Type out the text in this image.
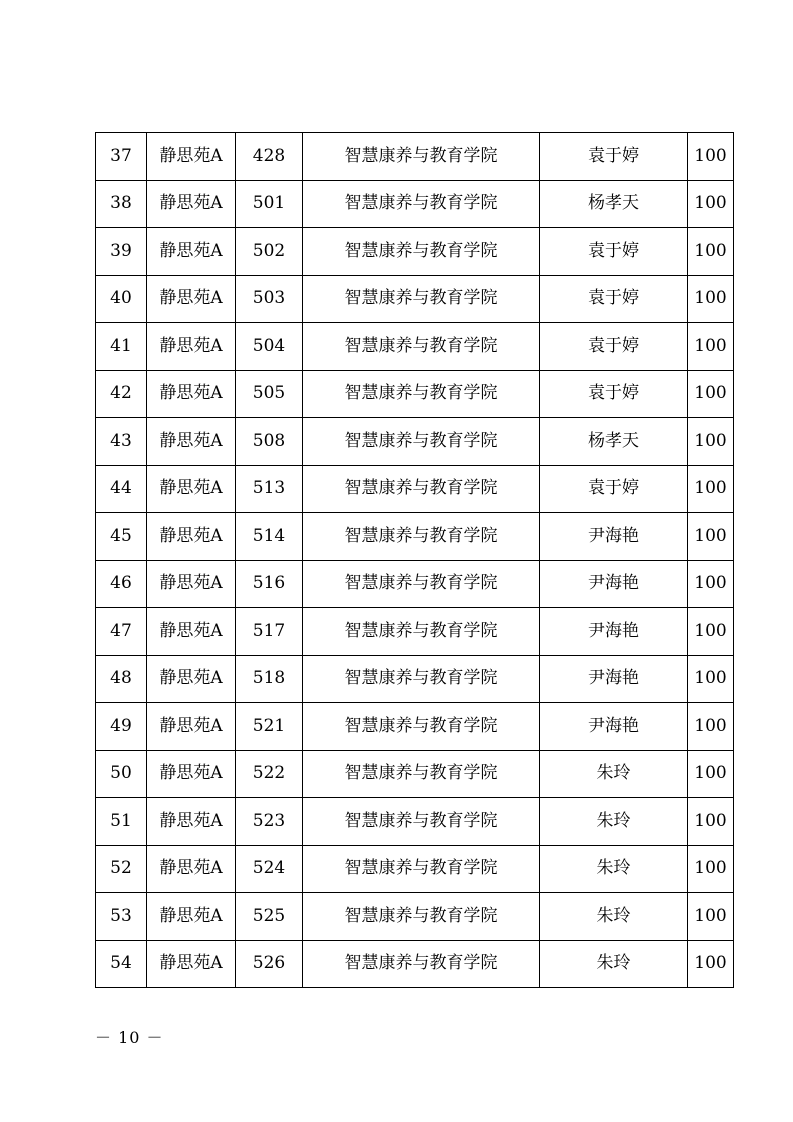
37	静思苑A	428	智慧康养与教育学院	袁于婷	100
38	静思苑A	501	智慧康养与教育学院	杨孝天	100
39	静思苑A	502	智慧康养与教育学院	袁于婷	100
40	静思苑A	503	智慧康养与教育学院	袁于婷	100
41	静思苑A	504	智慧康养与教育学院	袁于婷	100
42	静思苑A	505	智慧康养与教育学院	袁于婷	100
43	静思苑A	508	智慧康养与教育学院	杨孝天	100
44	静思苑A	513	智慧康养与教育学院	袁于婷	100
45	静思苑A	514	智慧康养与教育学院	尹海艳	100
46	静思苑A	516	智慧康养与教育学院	尹海艳	100
47	静思苑A	517	智慧康养与教育学院	尹海艳	100
48	静思苑A	518	智慧康养与教育学院	尹海艳	100
49	静思苑A	521	智慧康养与教育学院	尹海艳	100
50	静思苑A	522	智慧康养与教育学院	朱玲	100
51	静思苑A	523	智慧康养与教育学院	朱玲	100
52	静思苑A	524	智慧康养与教育学院	朱玲	100
53	静思苑A	525	智慧康养与教育学院	朱玲	100
54	静思苑A	526	智慧康养与教育学院	朱玲	100
－ 10 －
